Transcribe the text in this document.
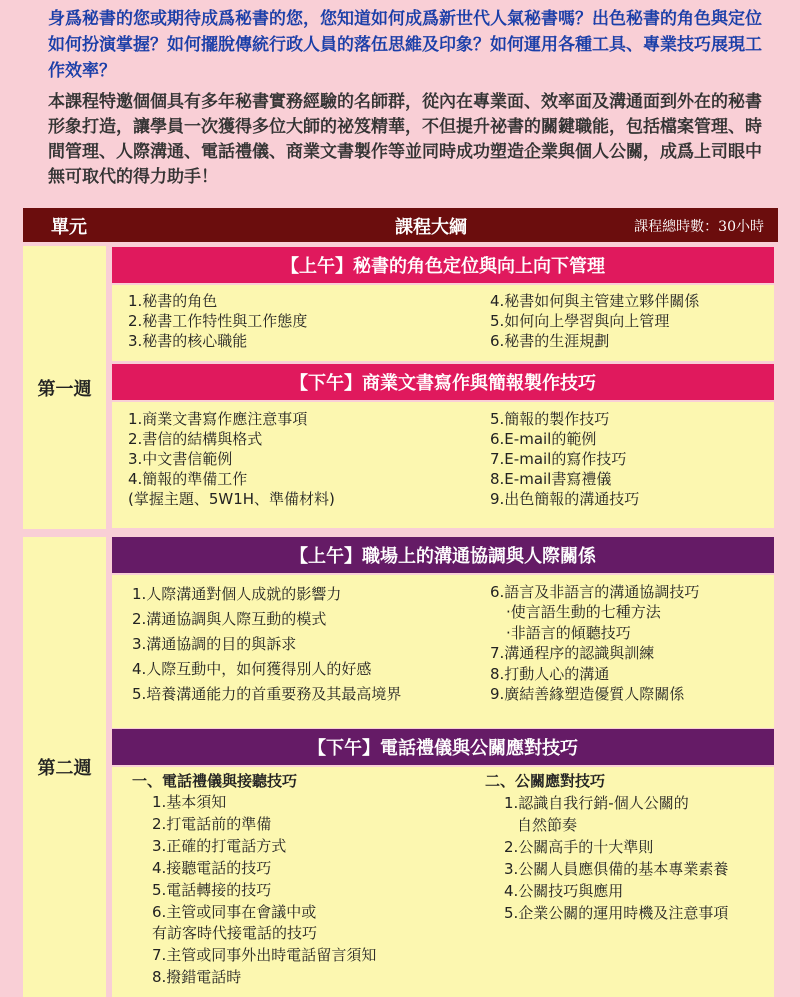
身爲秘書的您或期待成爲秘書的您，您知道如何成爲新世代人氣秘書嗎？出色秘書的角色與定位如何扮演掌握？如何擺脫傳統行政人員的落伍思維及印象？如何運用各種工具、專業技巧展現工作效率？

本課程特邀個個具有多年秘書實務經驗的名師群，從內在專業面、效率面及溝通面到外在的秘書形象打造，讓學員一次獲得多位大師的祕笈精華，不但提升祕書的關鍵職能，包括檔案管理、時間管理、人際溝通、電話禮儀、商業文書製作等並同時成功塑造企業與個人公關，成爲上司眼中無可取代的得力助手！

單元	課程大綱	課程總時數：30小時
第一週
【上午】秘書的角色定位與向上向下管理
1.秘書的角色
2.秘書工作特性與工作態度
3.秘書的核心職能
4.秘書如何與主管建立夥伴關係
5.如何向上學習與向上管理
6.秘書的生涯規劃
【下午】商業文書寫作與簡報製作技巧
1.商業文書寫作應注意事項
2.書信的結構與格式
3.中文書信範例
4.簡報的準備工作
(掌握主題、5W1H、準備材料)
5.簡報的製作技巧
6.E-mail的範例
7.E-mail的寫作技巧
8.E-mail書寫禮儀
9.出色簡報的溝通技巧
第二週
【上午】職場上的溝通協調與人際關係
1.人際溝通對個人成就的影響力
2.溝通協調與人際互動的模式
3.溝通協調的目的與訴求
4.人際互動中，如何獲得別人的好感
5.培養溝通能力的首重要務及其最高境界
6.語言及非語言的溝通協調技巧
‧使言語生動的七種方法
‧非語言的傾聽技巧
7.溝通程序的認識與訓練
8.打動人心的溝通
9.廣結善緣塑造優質人際關係
【下午】電話禮儀與公關應對技巧
一、電話禮儀與接聽技巧
1.基本須知
2.打電話前的準備
3.正確的打電話方式
4.接聽電話的技巧
5.電話轉接的技巧
6.主管或同事在會議中或
有訪客時代接電話的技巧
7.主管或同事外出時電話留言須知
8.撥錯電話時
二、公關應對技巧
1.認識自我行銷-個人公關的
自然節奏
2.公關高手的十大準則
3.公關人員應俱備的基本專業素養
4.公關技巧與應用
5.企業公關的運用時機及注意事項
